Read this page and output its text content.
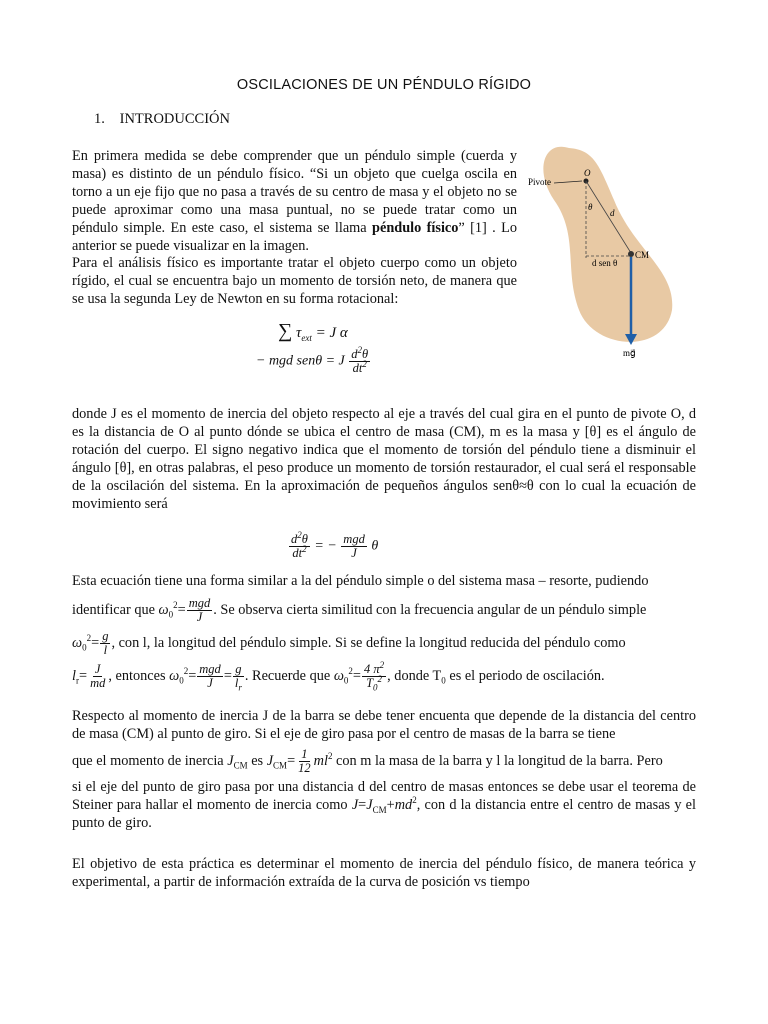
OSCILACIONES DE UN PÉNDULO RÍGIDO
1. INTRODUCCIÓN
En primera medida se debe comprender que un péndulo simple (cuerda y masa) es distinto de un péndulo físico. “Si un objeto que cuelga oscila en torno a un eje fijo que no pasa a través de su centro de masa y el objeto no se puede aproximar como una masa puntual, no se puede tratar como un péndulo simple. En este caso, el sistema se llama péndulo físico” [1] . Lo anterior se puede visualizar en la imagen.
Para el análisis físico es importante tratar el objeto cuerpo como un objeto rígido, el cual se encuentra bajo un momento de torsión neto, de manera que se usa la segunda Ley de Newton en su forma rotacional:
Pivote
O
θ
d
d sen θ
CM
mg⃗
∑ $\tau_{ext} = J$ α
− mgd senθ = J $\frac{d^2\theta}{dt^2}$
donde J es el momento de inercia del objeto respecto al eje a través del cual gira en el punto de pivote O, d es la distancia de O al punto dónde se ubica el centro de masa (CM), m es la masa y [θ] es el ángulo de rotación del cuerpo. El signo negativo indica que el momento de torsión del péndulo tiene a disminuir el ángulo [θ], en otras palabras, el peso produce un momento de torsión restaurador, el cual será el responsable de la oscilación del sistema. En la aproximación de pequeños ángulos senθ≈θ con lo cual la ecuación de movimiento será
$\frac{d^2\theta}{dt^2}$ = − $\frac{\text{mgd}}{J}$ θ
Esta ecuación tiene una forma similar a la del péndulo simple o del sistema masa – resorte, pudiendo
identificar que $\omega_0^2= \frac{\text{mgd}}{J}$ . Se observa cierta similitud con la frecuencia angular de un péndulo simple
$\omega_0^2= \frac{g}{l}$ , con l, la longitud del péndulo simple. Si se define la longitud reducida del péndulo como
$l_r= \frac{J}{md}$ , entonces $\omega_0^2= \frac{\text{mgd}}{J} = \frac{g}{l_r}$ . Recuerde que $\omega_0^2= \frac{4 \pi^2}{T_0^2}$ , donde $T_0$ es el periodo de oscilación.
Respecto al momento de inercia J de la barra se debe tener encuenta que depende de la distancia del centro de masa (CM) al punto de giro. Si el eje de giro pasa por el centro de masas de la barra se tiene
que el momento de inercia $J_{CM}$ es $J_{CM}= \frac{1}{12} ml^2$ con m la masa de la barra y l la longitud de la barra. Pero
si el eje del punto de giro pasa por una distancia d del centro de masas entonces se debe usar el teorema de Steiner para hallar el momento de inercia como $J=J_{CM}+md^2$, con d la distancia entre el centro de masas y el punto de giro.
El objetivo de esta práctica es determinar el momento de inercia del péndulo físico, de manera teórica y experimental, a partir de información extraída de la curva de posición vs tiempo
